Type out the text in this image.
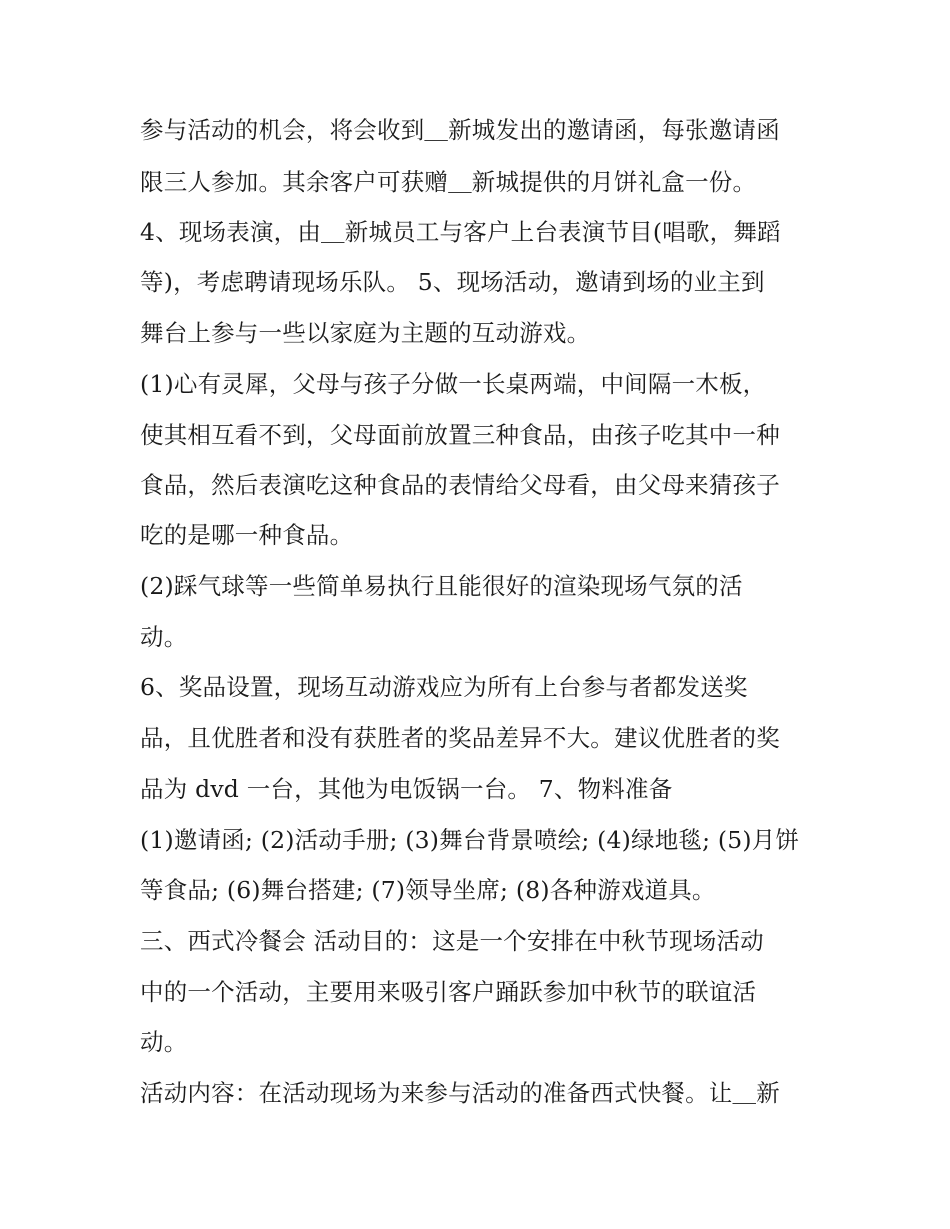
参与活动的机会，将会收到＿新城发出的邀请函，每张邀请函
限三人参加。其余客户可获赠＿新城提供的月饼礼盒一份。
4、现场表演，由＿新城员工与客户上台表演节目(唱歌，舞蹈
等)，考虑聘请现场乐队。 5、现场活动，邀请到场的业主到
舞台上参与一些以家庭为主题的互动游戏。
(1)心有灵犀，父母与孩子分做一长桌两端，中间隔一木板，
使其相互看不到，父母面前放置三种食品，由孩子吃其中一种
食品，然后表演吃这种食品的表情给父母看，由父母来猜孩子
吃的是哪一种食品。
(2)踩气球等一些简单易执行且能很好的渲染现场气氛的活
动。
6、奖品设置，现场互动游戏应为所有上台参与者都发送奖
品，且优胜者和没有获胜者的奖品差异不大。建议优胜者的奖
品为 dvd 一台，其他为电饭锅一台。 7、物料准备
(1)邀请函; (2)活动手册; (3)舞台背景喷绘; (4)绿地毯; (5)月饼
等食品; (6)舞台搭建; (7)领导坐席; (8)各种游戏道具。
三、西式冷餐会 活动目的：这是一个安排在中秋节现场活动
中的一个活动，主要用来吸引客户踊跃参加中秋节的联谊活
动。
活动内容：在活动现场为来参与活动的准备西式快餐。让＿新
